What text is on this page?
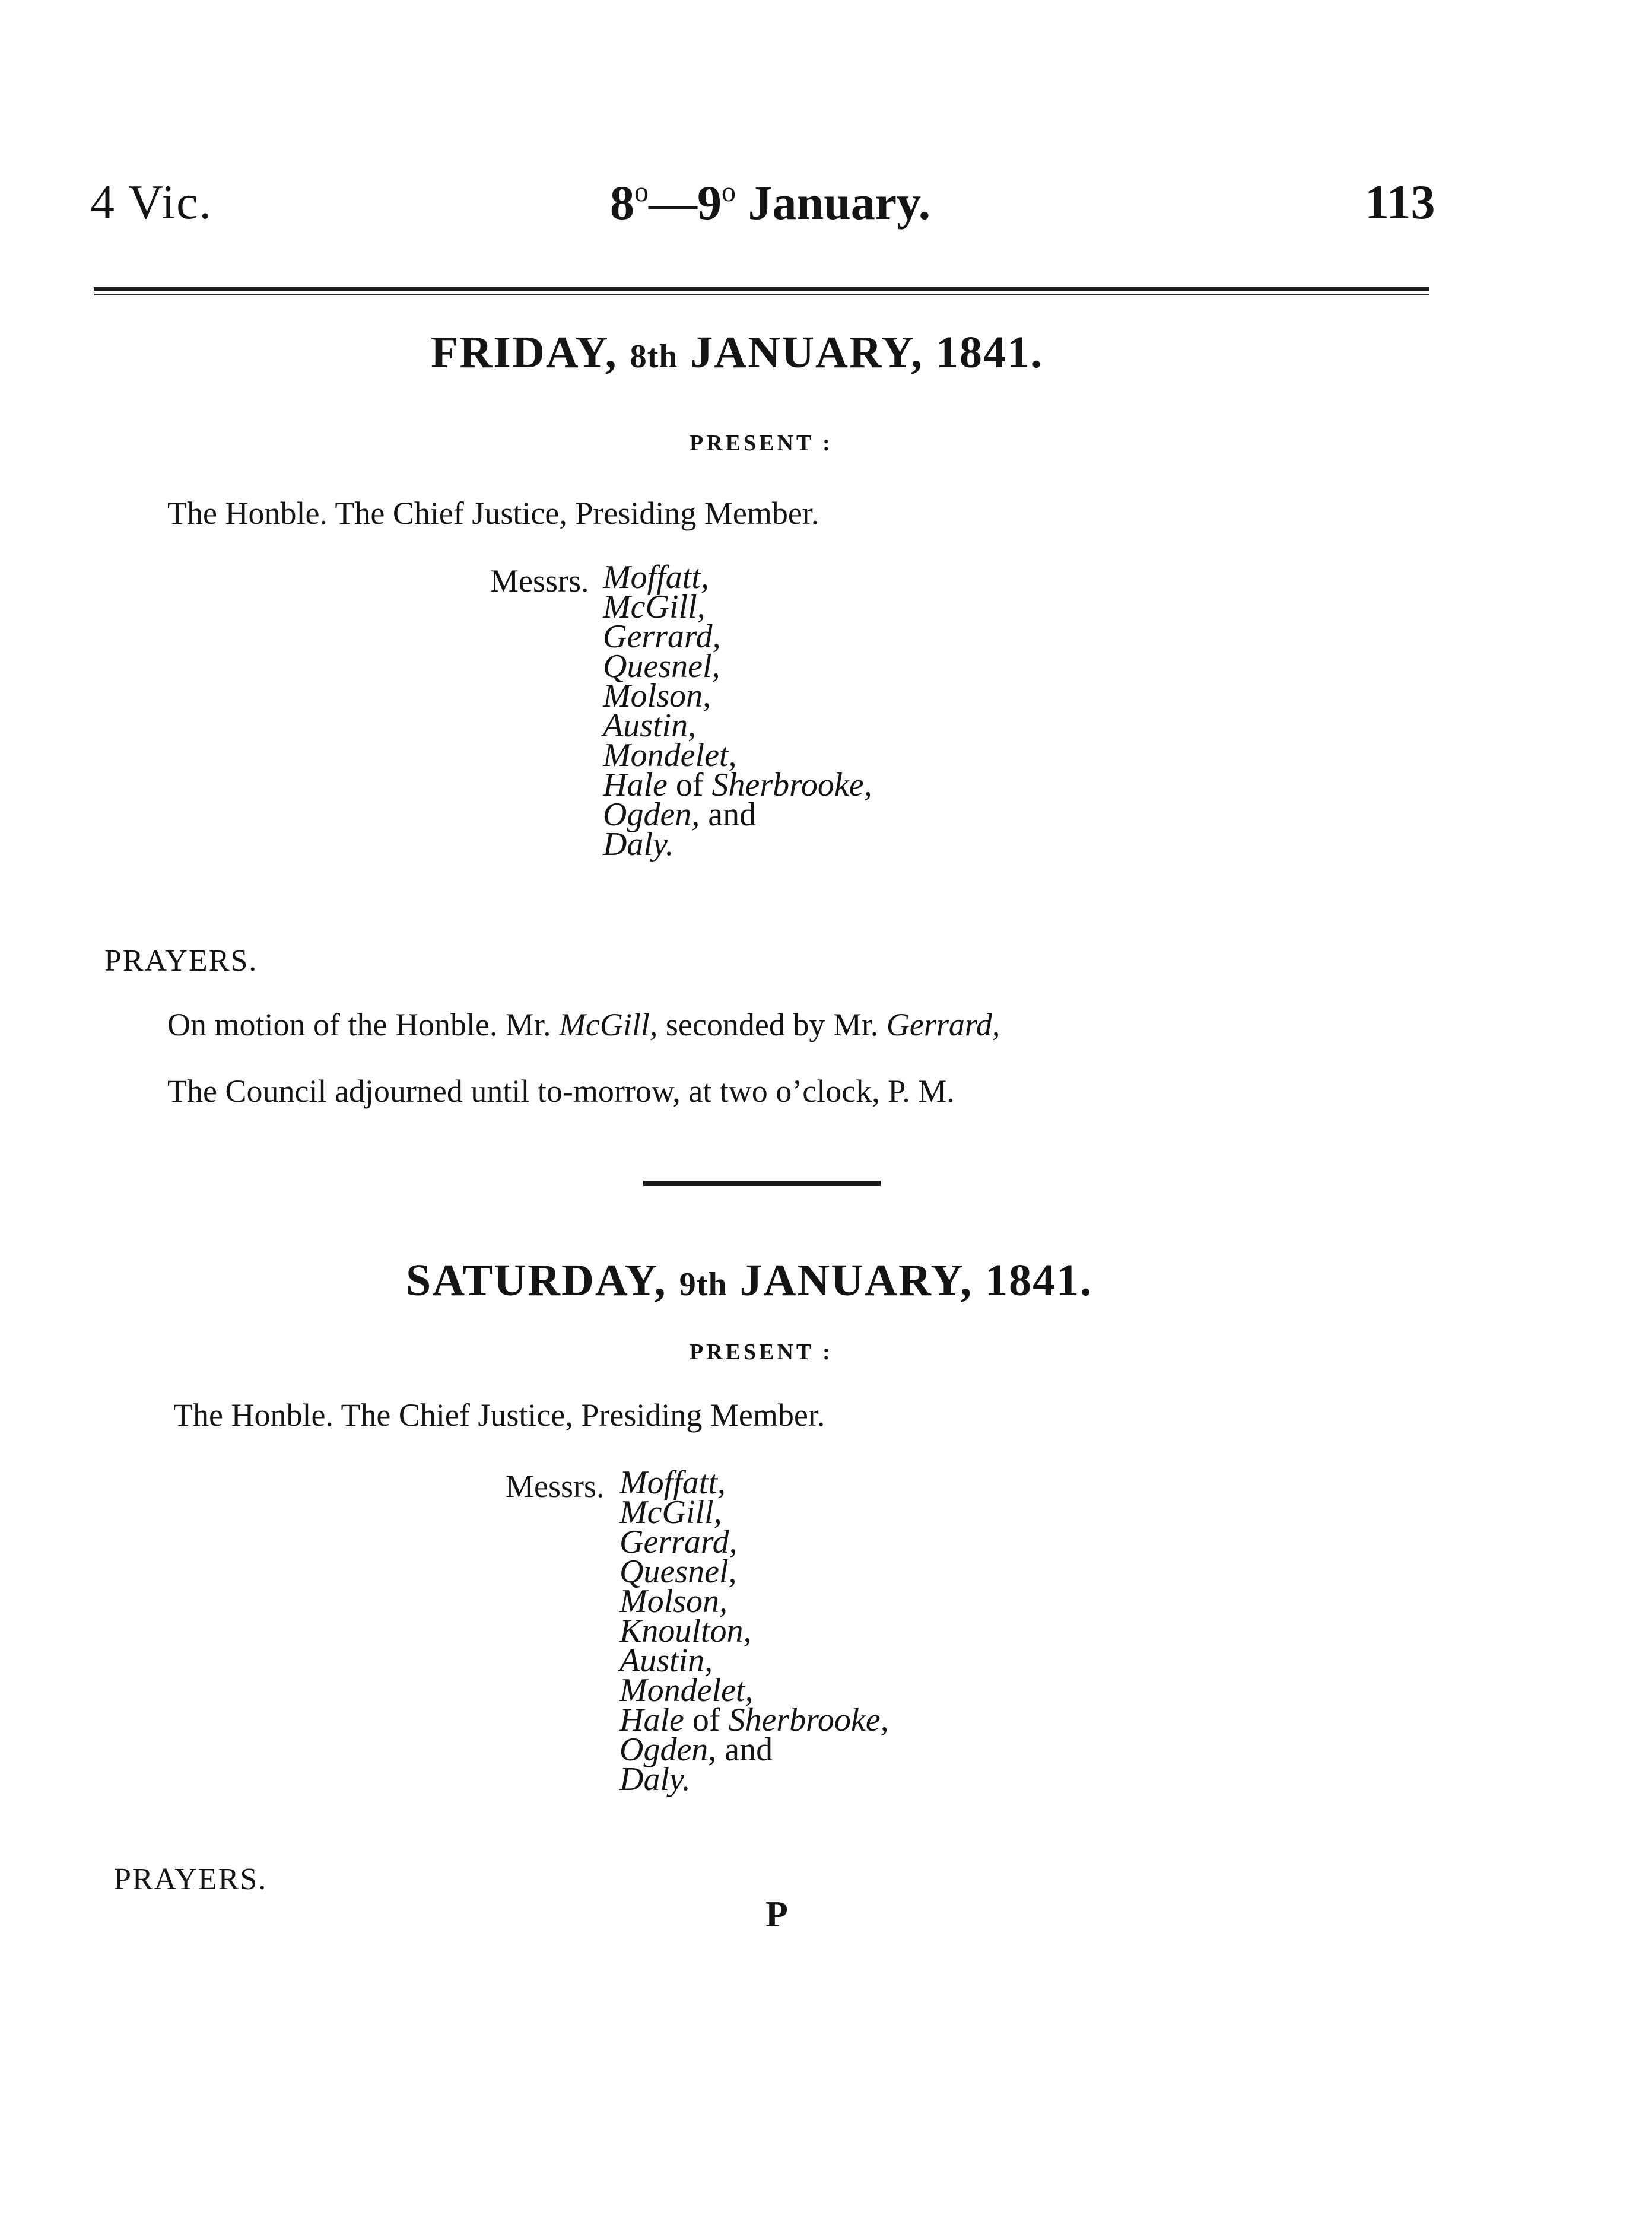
4 Vic.	8$^o$—9$^o$ January.	113
FRIDAY, 8th JANUARY, 1841.
PRESENT :
The Honble. The Chief Justice, Presiding Member.
Messrs. Moffatt,
McGill,
Gerrard,
Quesnel,
Molson,
Austin,
Mondelet,
Hale of Sherbrooke,
Ogden, and
Daly.
PRAYERS.
On motion of the Honble. Mr. McGill, seconded by Mr. Gerrard,
The Council adjourned until to-morrow, at two o’clock, P. M.
SATURDAY, 9th JANUARY, 1841.
PRESENT :
The Honble. The Chief Justice, Presiding Member.
Messrs. Moffatt,
McGill,
Gerrard,
Quesnel,
Molson,
Knoulton,
Austin,
Mondelet,
Hale of Sherbrooke,
Ogden, and
Daly.
PRAYERS.
P
